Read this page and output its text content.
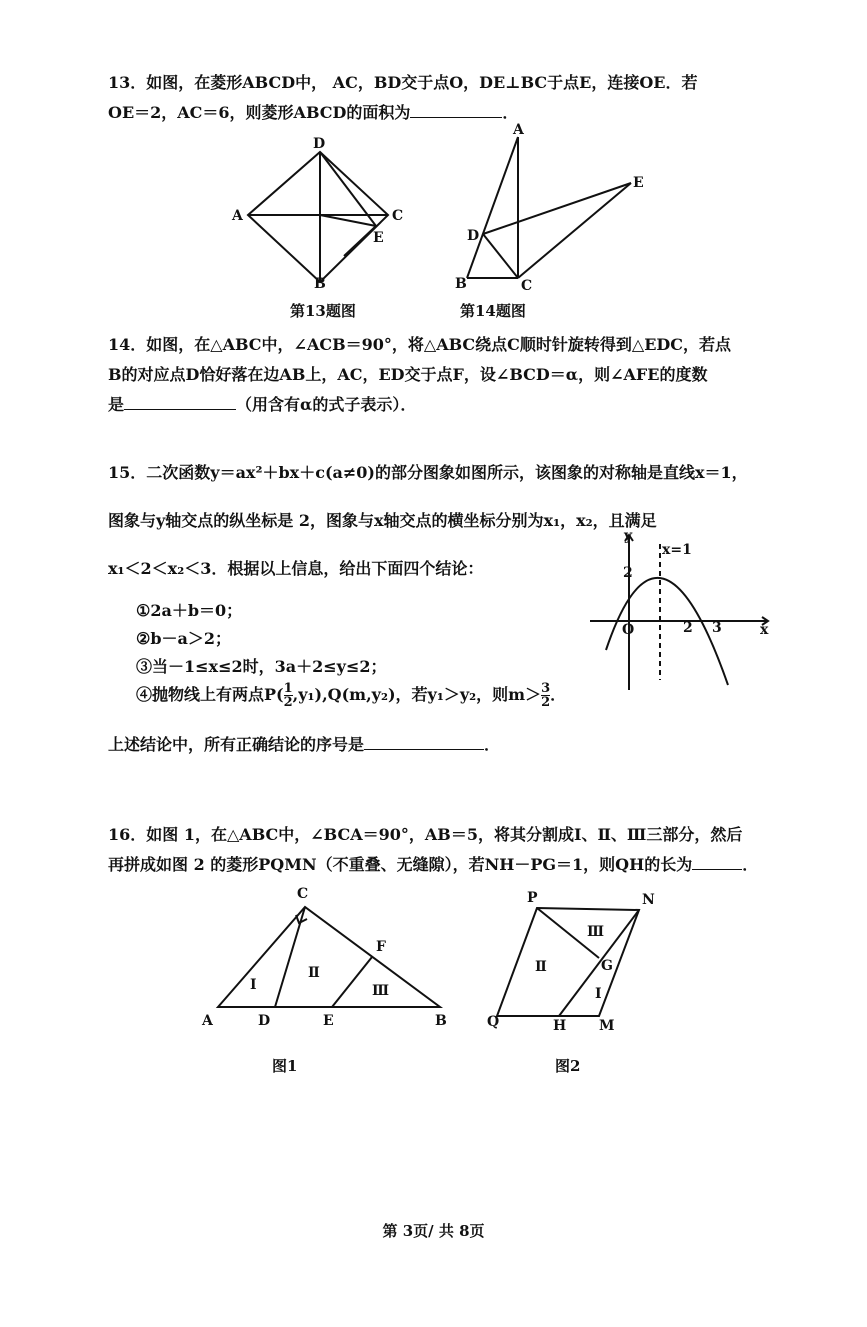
13．如图，在菱形ABCD中， AC，BD交于点O，DE⊥BC于点E，连接OE．若
OE＝2，AC＝6，则菱形ABCD的面积为	．
D
A	C
E
B
第13题图
A
E
D
B	C
第14题图
14．如图，在△ABC中，∠ACB＝90°，将△ABC绕点C顺时针旋转得到△EDC，若点
B的对应点D恰好落在边AB上，AC，ED交于点F，设∠BCD＝α，则∠AFE的度数
是	（用含有α的式子表示）．
15．二次函数y＝ax²＋bx＋c(a≠0)的部分图象如图所示，该图象的对称轴是直线x＝1，
图象与y轴交点的纵坐标是 2，图象与x轴交点的横坐标分别为x₁，x₂，且满足
x₁＜2＜x₂＜3．根据以上信息，给出下面四个结论：
①2a＋b＝0；
②b－a＞2；
③当－1≤x≤2时，3a＋2≤y≤2；
④抛物线上有两点$P( \frac{1}{2} ,y_1),Q(m,y_2)$，若y₁＞y₂，则$m> \frac{3}{2}$ ．
上述结论中，所有正确结论的序号是	．
y
x
x=1
2
O	2 3
16．如图 1，在△ABC中，∠BCA＝90°，AB＝5，将其分割成Ⅰ、Ⅱ、Ⅲ三部分，然后
再拼成如图 2 的菱形PQMN（不重叠、无缝隙），若NH－PG＝1，则QH的长为	．
C
F
A	D	E	B
Ⅰ
Ⅱ
Ⅲ
图1
P	N
G
Q	H M
Ⅱ
Ⅲ
Ⅰ
图2
第 3页/ 共 8页
